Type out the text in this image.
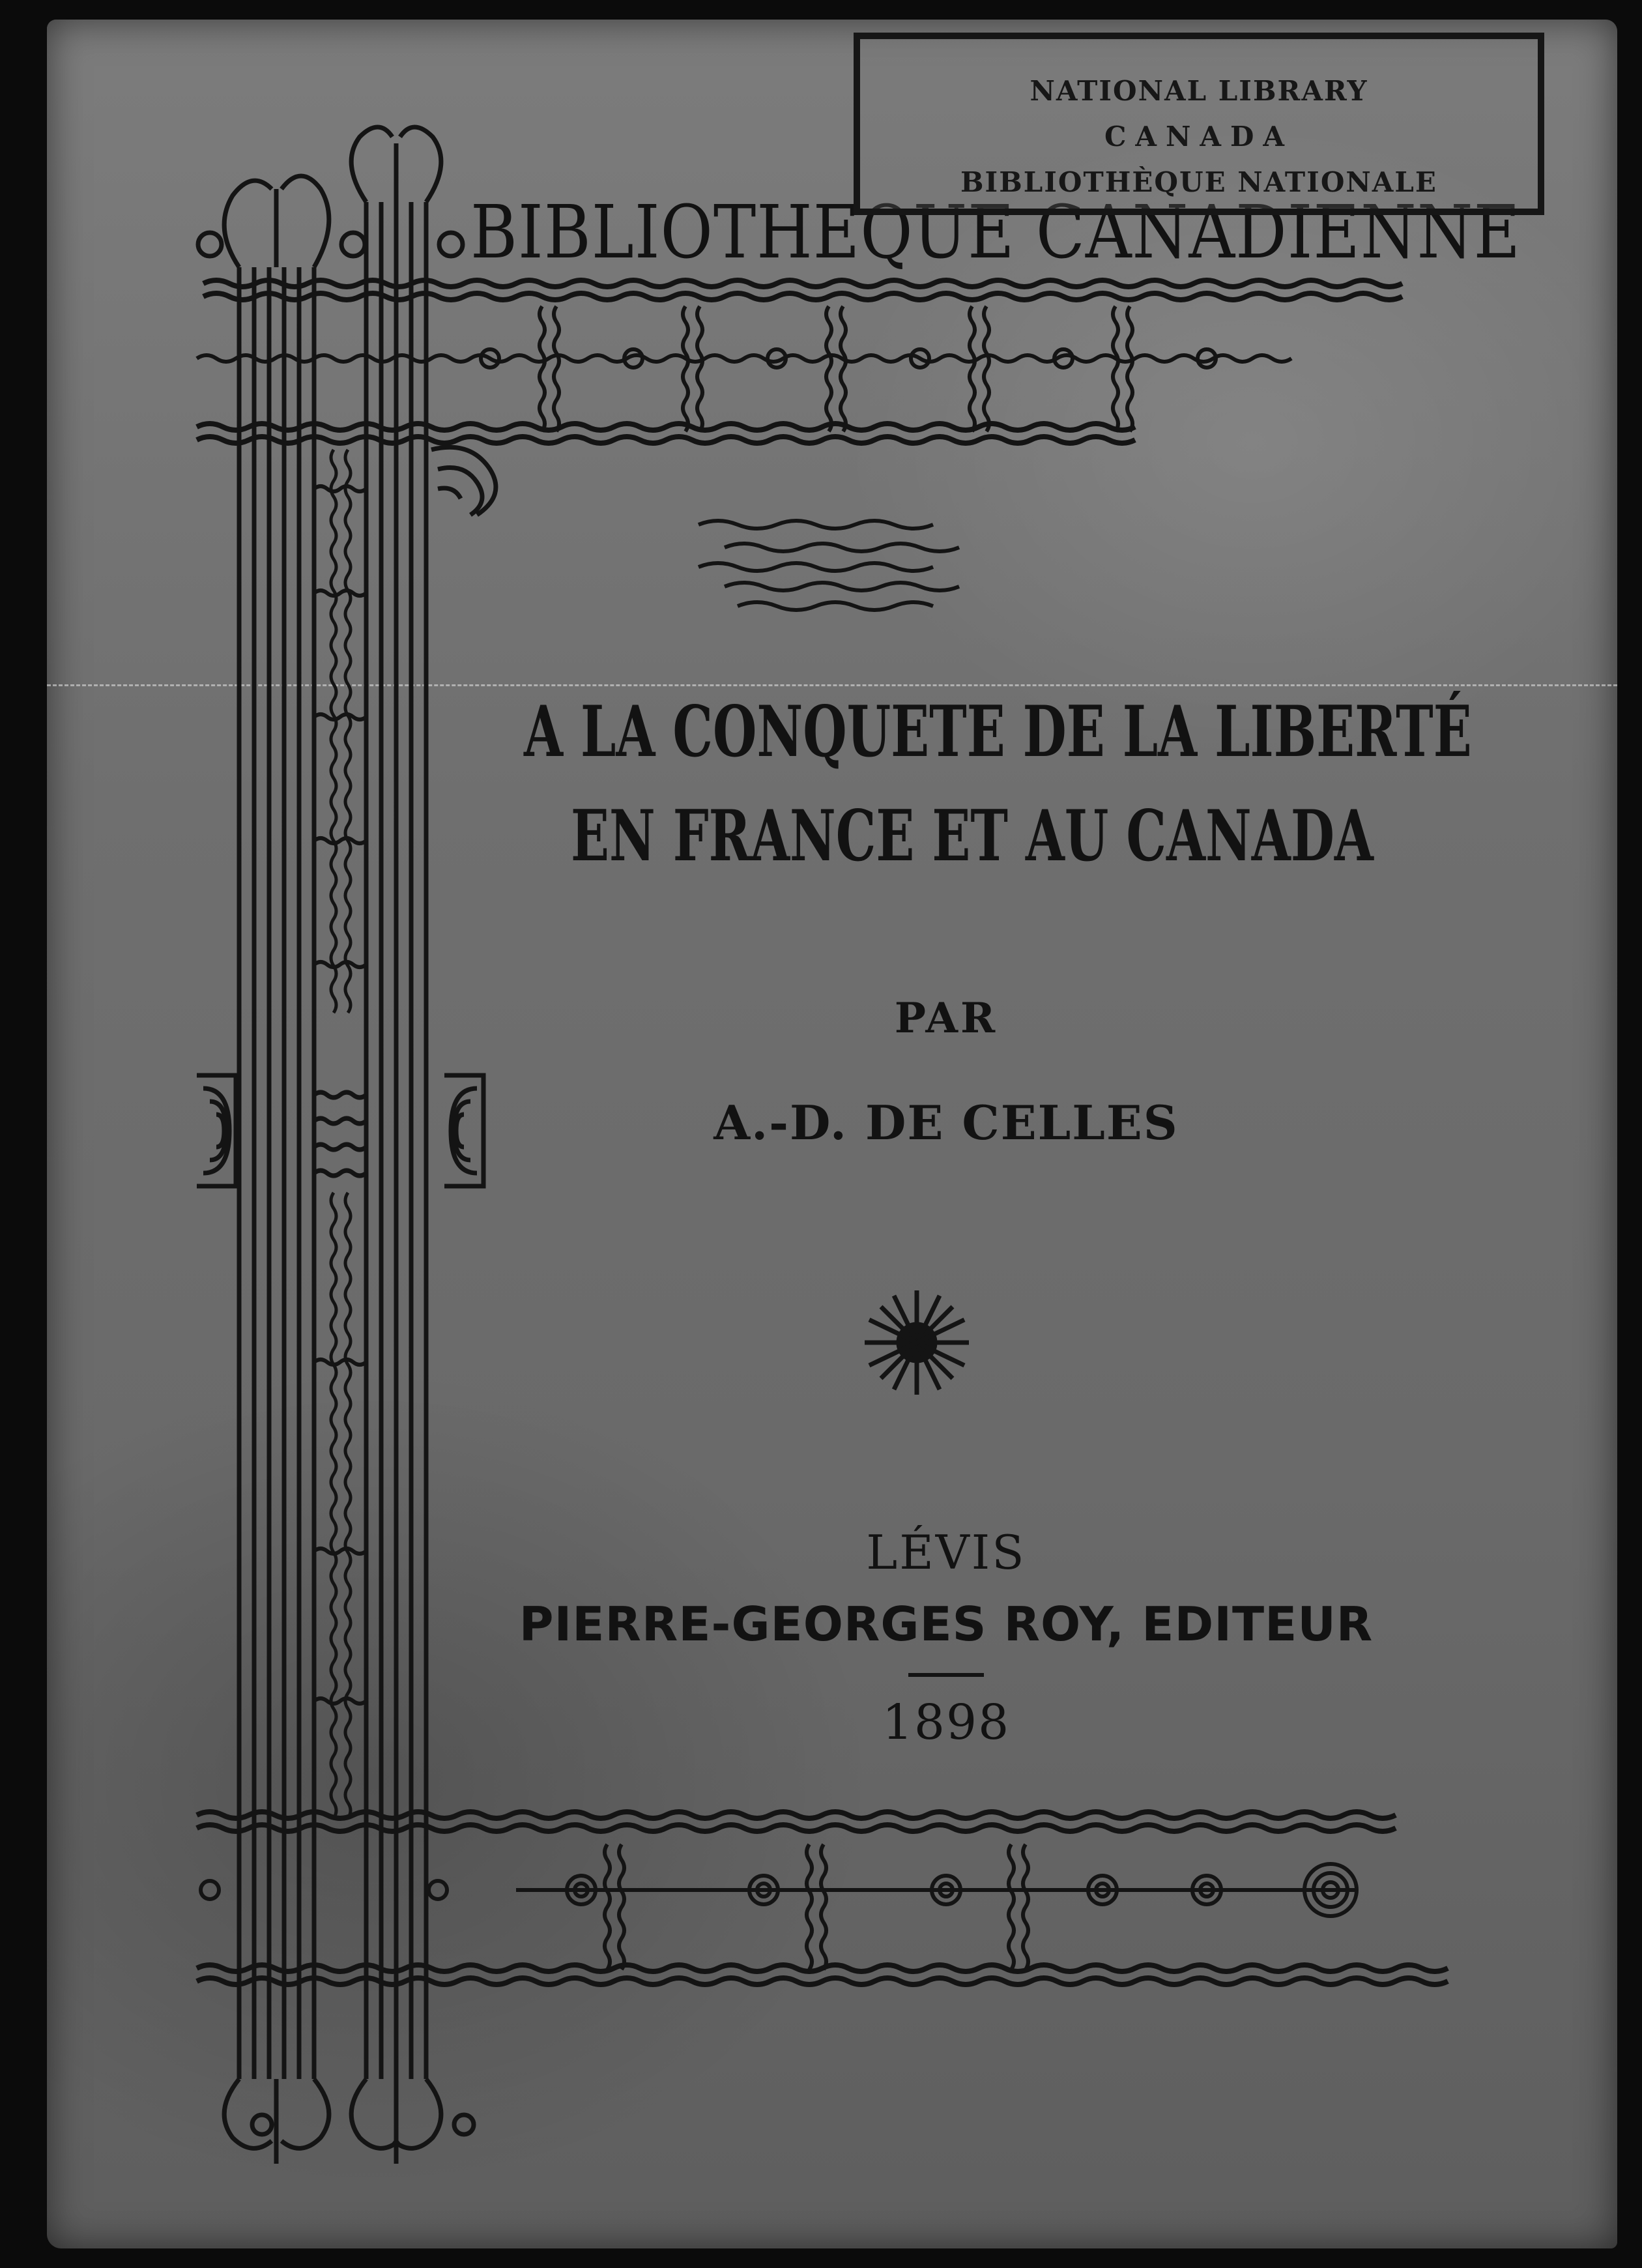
BIBLIOTHEQUE CANADIENNE
A LA CONQUETE DE LA LIBERTÉ
EN FRANCE ET AU CANADA
PAR
A.-D. DE CELLES
LÉVIS
PIERRE-GEORGES ROY, EDITEUR
1898
NATIONAL LIBRARY
CANADA
BIBLIOTHÈQUE NATIONALE
